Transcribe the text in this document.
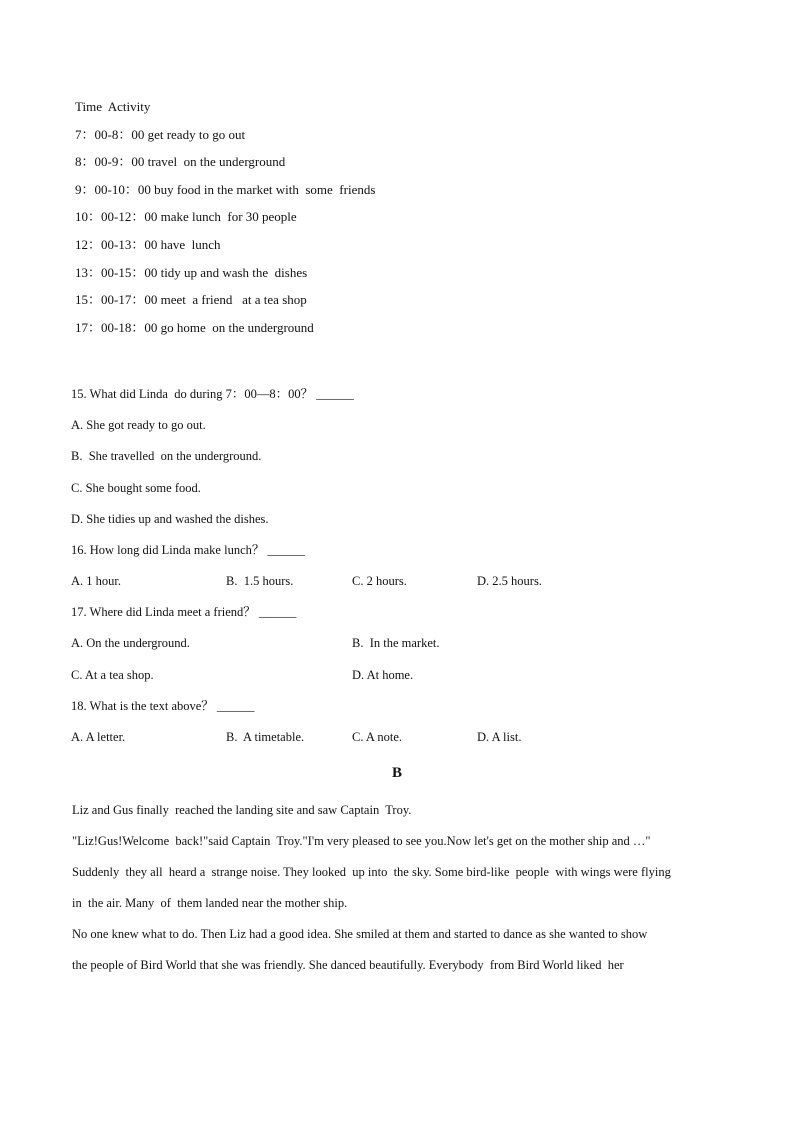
Time  Activity
7：00-8：00 get ready to go out
8：00-9：00 travel  on the underground
9：00-10：00 buy food in the market with  some  friends
10：00-12：00 make lunch  for 30 people
12：00-13：00 have  lunch
13：00-15：00 tidy up and wash the  dishes
15：00-17：00 meet  a friend   at a tea shop
17：00-18：00 go home  on the underground
15. What did Linda  do during 7：00—8：00？ ______
A. She got ready to go out.
B.  She travelled  on the underground.
C. She bought some food.
D. She tidies up and washed the dishes.
16. How long did Linda make lunch？ ______
A. 1 hour.	B.  1.5 hours.	C. 2 hours.	D. 2.5 hours.
17. Where did Linda meet a friend？ ______
A. On the underground.	B.  In the market.
C. At a tea shop.	D. At home.
18. What is the text above？ ______
A. A letter.	B.  A timetable.	C. A note.	D. A list.
B
Liz and Gus finally  reached the landing site and saw Captain  Troy.
"Liz!Gus!Welcome  back!"said Captain  Troy."I'm very pleased to see you.Now let's get on the mother ship and …"
Suddenly  they all  heard a  strange noise. They looked  up into  the sky. Some bird-like  people  with wings were flying
in  the air. Many  of  them landed near the mother ship.
No one knew what to do. Then Liz had a good idea. She smiled at them and started to dance as she wanted to show
the people of Bird World that she was friendly. She danced beautifully. Everybody  from Bird World liked  her
